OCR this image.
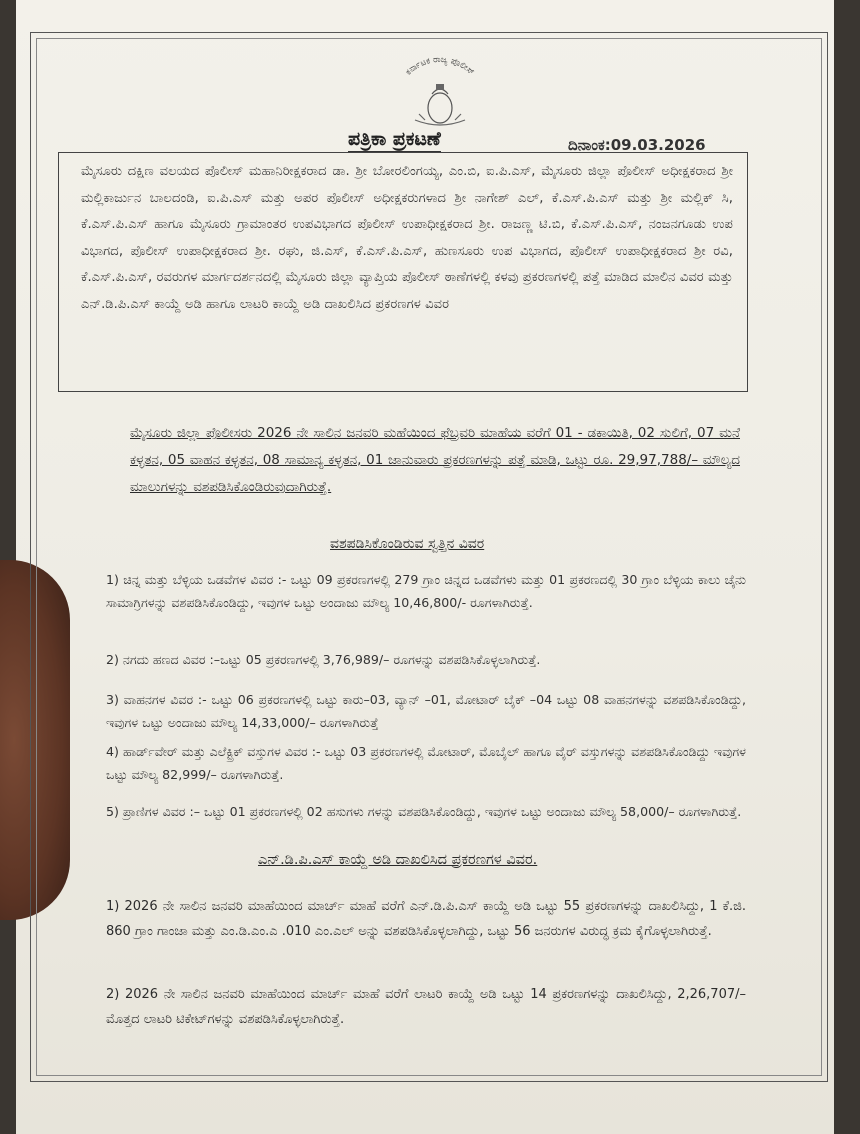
ಕರ್ನಾಟಕ ರಾಜ್ಯ ಪೊಲೀಸ್
ಪತ್ರಿಕಾ ಪ್ರಕಟಣೆ	ದಿನಾಂಕ:09.03.2026
ಮೈಸೂರು ದಕ್ಷಿಣ ವಲಯದ ಪೊಲೀಸ್ ಮಹಾನಿರೀಕ್ಷಕರಾದ ಡಾ. ಶ್ರೀ ಬೋರಲಿಂಗಯ್ಯ, ಎಂ.ಬಿ, ಐ.ಪಿ.ಎಸ್, ಮೈಸೂರು ಜಿಲ್ಲಾ ಪೊಲೀಸ್ ಅಧೀಕ್ಷಕರಾದ ಶ್ರೀ ಮಲ್ಲಿಕಾರ್ಜುನ ಬಾಲದಂಡಿ, ಐ.ಪಿ.ಎಸ್ ಮತ್ತು ಅಪರ ಪೊಲೀಸ್ ಅಧೀಕ್ಷಕರುಗಳಾದ ಶ್ರೀ ನಾಗೇಶ್ ಎಲ್, ಕೆ.ಎಸ್.ಪಿ.ಎಸ್ ಮತ್ತು ಶ್ರೀ ಮಲ್ಲಿಕ್ ಸಿ, ಕೆ.ಎಸ್.ಪಿ.ಎಸ್ ಹಾಗೂ ಮೈಸೂರು ಗ್ರಾಮಾಂತರ ಉಪವಿಭಾಗದ ಪೊಲೀಸ್ ಉಪಾಧೀಕ್ಷಕರಾದ ಶ್ರೀ. ರಾಜಣ್ಣ ಟಿ.ಬಿ, ಕೆ.ಎಸ್.ಪಿ.ಎಸ್, ನಂಜನಗೂಡು ಉಪ ವಿಭಾಗದ, ಪೊಲೀಸ್ ಉಪಾಧೀಕ್ಷಕರಾದ ಶ್ರೀ. ರಘು, ಜಿ.ಎಸ್, ಕೆ.ಎಸ್.ಪಿ.ಎಸ್, ಹುಣಸೂರು ಉಪ ವಿಭಾಗದ, ಪೊಲೀಸ್ ಉಪಾಧೀಕ್ಷಕರಾದ ಶ್ರೀ ರವಿ, ಕೆ.ಎಸ್.ಪಿ.ಎಸ್, ರವರುಗಳ ಮಾರ್ಗದರ್ಶನದಲ್ಲಿ ಮೈಸೂರು ಜಿಲ್ಲಾ ವ್ಯಾಪ್ತಿಯ ಪೊಲೀಸ್ ಠಾಣೆಗಳಲ್ಲಿ ಕಳವು ಪ್ರಕರಣಗಳಲ್ಲಿ ಪತ್ತೆ ಮಾಡಿದ ಮಾಲಿನ ವಿವರ ಮತ್ತು ಎನ್.ಡಿ.ಪಿ.ಎಸ್ ಕಾಯ್ದೆ ಅಡಿ ಹಾಗೂ ಲಾಟರಿ ಕಾಯ್ದೆ ಅಡಿ ದಾಖಲಿಸಿದ ಪ್ರಕರಣಗಳ ವಿವರ
ಮೈಸೂರು ಜಿಲ್ಲಾ ಪೊಲೀಸರು 2026 ನೇ ಸಾಲಿನ ಜನವರಿ ಮಹೆಯಿಂದ ಫೆಬ್ರವರಿ ಮಾಹೆಯ ವರೆಗೆ 01 - ಡಕಾಯಿತಿ, 02 ಸುಲಿಗೆ, 07 ಮನೆ ಕಳ್ಳತನ, 05 ವಾಹನ ಕಳ್ಳತನ, 08 ಸಾಮಾನ್ಯ ಕಳ್ಳತನ, 01 ಜಾನುವಾರು ಪ್ರಕರಣಗಳನ್ನು ಪತ್ತೆ ಮಾಡಿ, ಒಟ್ಟು ರೂ. 29,97,788/– ಮೌಲ್ಯದ ಮಾಲುಗಳನ್ನು ವಶಪಡಿಸಿಕೊಂಡಿರುವುದಾಗಿರುತ್ತೆ.
ವಶಪಡಿಸಿಕೊಂಡಿರುವ ಸ್ವತ್ತಿನ ವಿವರ
1) ಚಿನ್ನ ಮತ್ತು ಬೆಳ್ಳಿಯ ಒಡವೆಗಳ ವಿವರ :- ಒಟ್ಟು 09 ಪ್ರಕರಣಗಳಲ್ಲಿ 279 ಗ್ರಾಂ ಚಿನ್ನದ ಒಡವೆಗಳು ಮತ್ತು 01 ಪ್ರಕರಣದಲ್ಲಿ 30 ಗ್ರಾಂ ಬೆಳ್ಳಿಯ ಕಾಲು ಚೈನು ಸಾಮಾಗ್ರಿಗಳನ್ನು ವಶಪಡಿಸಿಕೊಂಡಿದ್ದು, ಇವುಗಳ ಒಟ್ಟು ಅಂದಾಜು ಮೌಲ್ಯ 10,46,800/- ರೂಗಳಾಗಿರುತ್ತೆ.
2) ನಗದು ಹಣದ ವಿವರ :–ಒಟ್ಟು 05 ಪ್ರಕರಣಗಳಲ್ಲಿ 3,76,989/– ರೂಗಳನ್ನು ವಶಪಡಿಸಿಕೊಳ್ಳಲಾಗಿರುತ್ತೆ.
3) ವಾಹನಗಳ ವಿವರ :- ಒಟ್ಟು 06 ಪ್ರಕರಣಗಳಲ್ಲಿ ಒಟ್ಟು ಕಾರು–03, ವ್ಯಾನ್ –01, ಮೋಟಾರ್ ಬೈಕ್ –04 ಒಟ್ಟು 08 ವಾಹನಗಳನ್ನು ವಶಪಡಿಸಿಕೊಂಡಿದ್ದು, ಇವುಗಳ ಒಟ್ಟು ಅಂದಾಜು ಮೌಲ್ಯ 14,33,000/– ರೂಗಳಾಗಿರುತ್ತೆ
4) ಹಾರ್ಡ್‌ವೇರ್ ಮತ್ತು ಎಲೆಕ್ಟ್ರಿಕ್ ವಸ್ತುಗಳ ವಿವರ :- ಒಟ್ಟು 03 ಪ್ರಕರಣಗಳಲ್ಲಿ ಮೋಟಾರ್, ಮೊಬೈಲ್ ಹಾಗೂ ವೈರ್ ವಸ್ತುಗಳನ್ನು ವಶಪಡಿಸಿಕೊಂಡಿದ್ದು ಇವುಗಳ ಒಟ್ಟು ಮೌಲ್ಯ 82,999/– ರೂಗಳಾಗಿರುತ್ತೆ.
5) ಪ್ರಾಣಿಗಳ ವಿವರ :– ಒಟ್ಟು 01 ಪ್ರಕರಣಗಳಲ್ಲಿ 02 ಹಸುಗಳು ಗಳನ್ನು ವಶಪಡಿಸಿಕೊಂಡಿದ್ದು, ಇವುಗಳ ಒಟ್ಟು ಅಂದಾಜು ಮೌಲ್ಯ 58,000/– ರೂಗಳಾಗಿರುತ್ತೆ.
ಎನ್.ಡಿ.ಪಿ.ಎಸ್ ಕಾಯ್ದೆ ಅಡಿ ದಾಖಲಿಸಿದ ಪ್ರಕರಣಗಳ ವಿವರ.
1) 2026 ನೇ ಸಾಲಿನ ಜನವರಿ ಮಾಹೆಯಿಂದ ಮಾರ್ಚ್ ಮಾಹೆ ವರೆಗೆ ಎನ್.ಡಿ.ಪಿ.ಎಸ್ ಕಾಯ್ದೆ ಅಡಿ ಒಟ್ಟು 55 ಪ್ರಕರಣಗಳನ್ನು ದಾಖಲಿಸಿದ್ದು, 1 ಕೆ.ಜಿ. 860 ಗ್ರಾಂ ಗಾಂಜಾ ಮತ್ತು ಎಂ.ಡಿ.ಎಂ.ಎ .010 ಎಂ.ಎಲ್ ಅನ್ನು ವಶಪಡಿಸಿಕೊಳ್ಳಲಾಗಿದ್ದು, ಒಟ್ಟು 56 ಜನರುಗಳ ವಿರುದ್ಧ ಕ್ರಮ ಕೈಗೊಳ್ಳಲಾಗಿರುತ್ತೆ.
2) 2026 ನೇ ಸಾಲಿನ ಜನವರಿ ಮಾಹೆಯಿಂದ ಮಾರ್ಚ್ ಮಾಹೆ ವರೆಗೆ ಲಾಟರಿ ಕಾಯ್ದೆ ಅಡಿ ಒಟ್ಟು 14 ಪ್ರಕರಣಗಳನ್ನು ದಾಖಲಿಸಿದ್ದು, 2,26,707/– ಮೊತ್ತದ ಲಾಟರಿ ಟಿಕೇಟ್‌ಗಳನ್ನು ವಶಪಡಿಸಿಕೊಳ್ಳಲಾಗಿರುತ್ತೆ.
